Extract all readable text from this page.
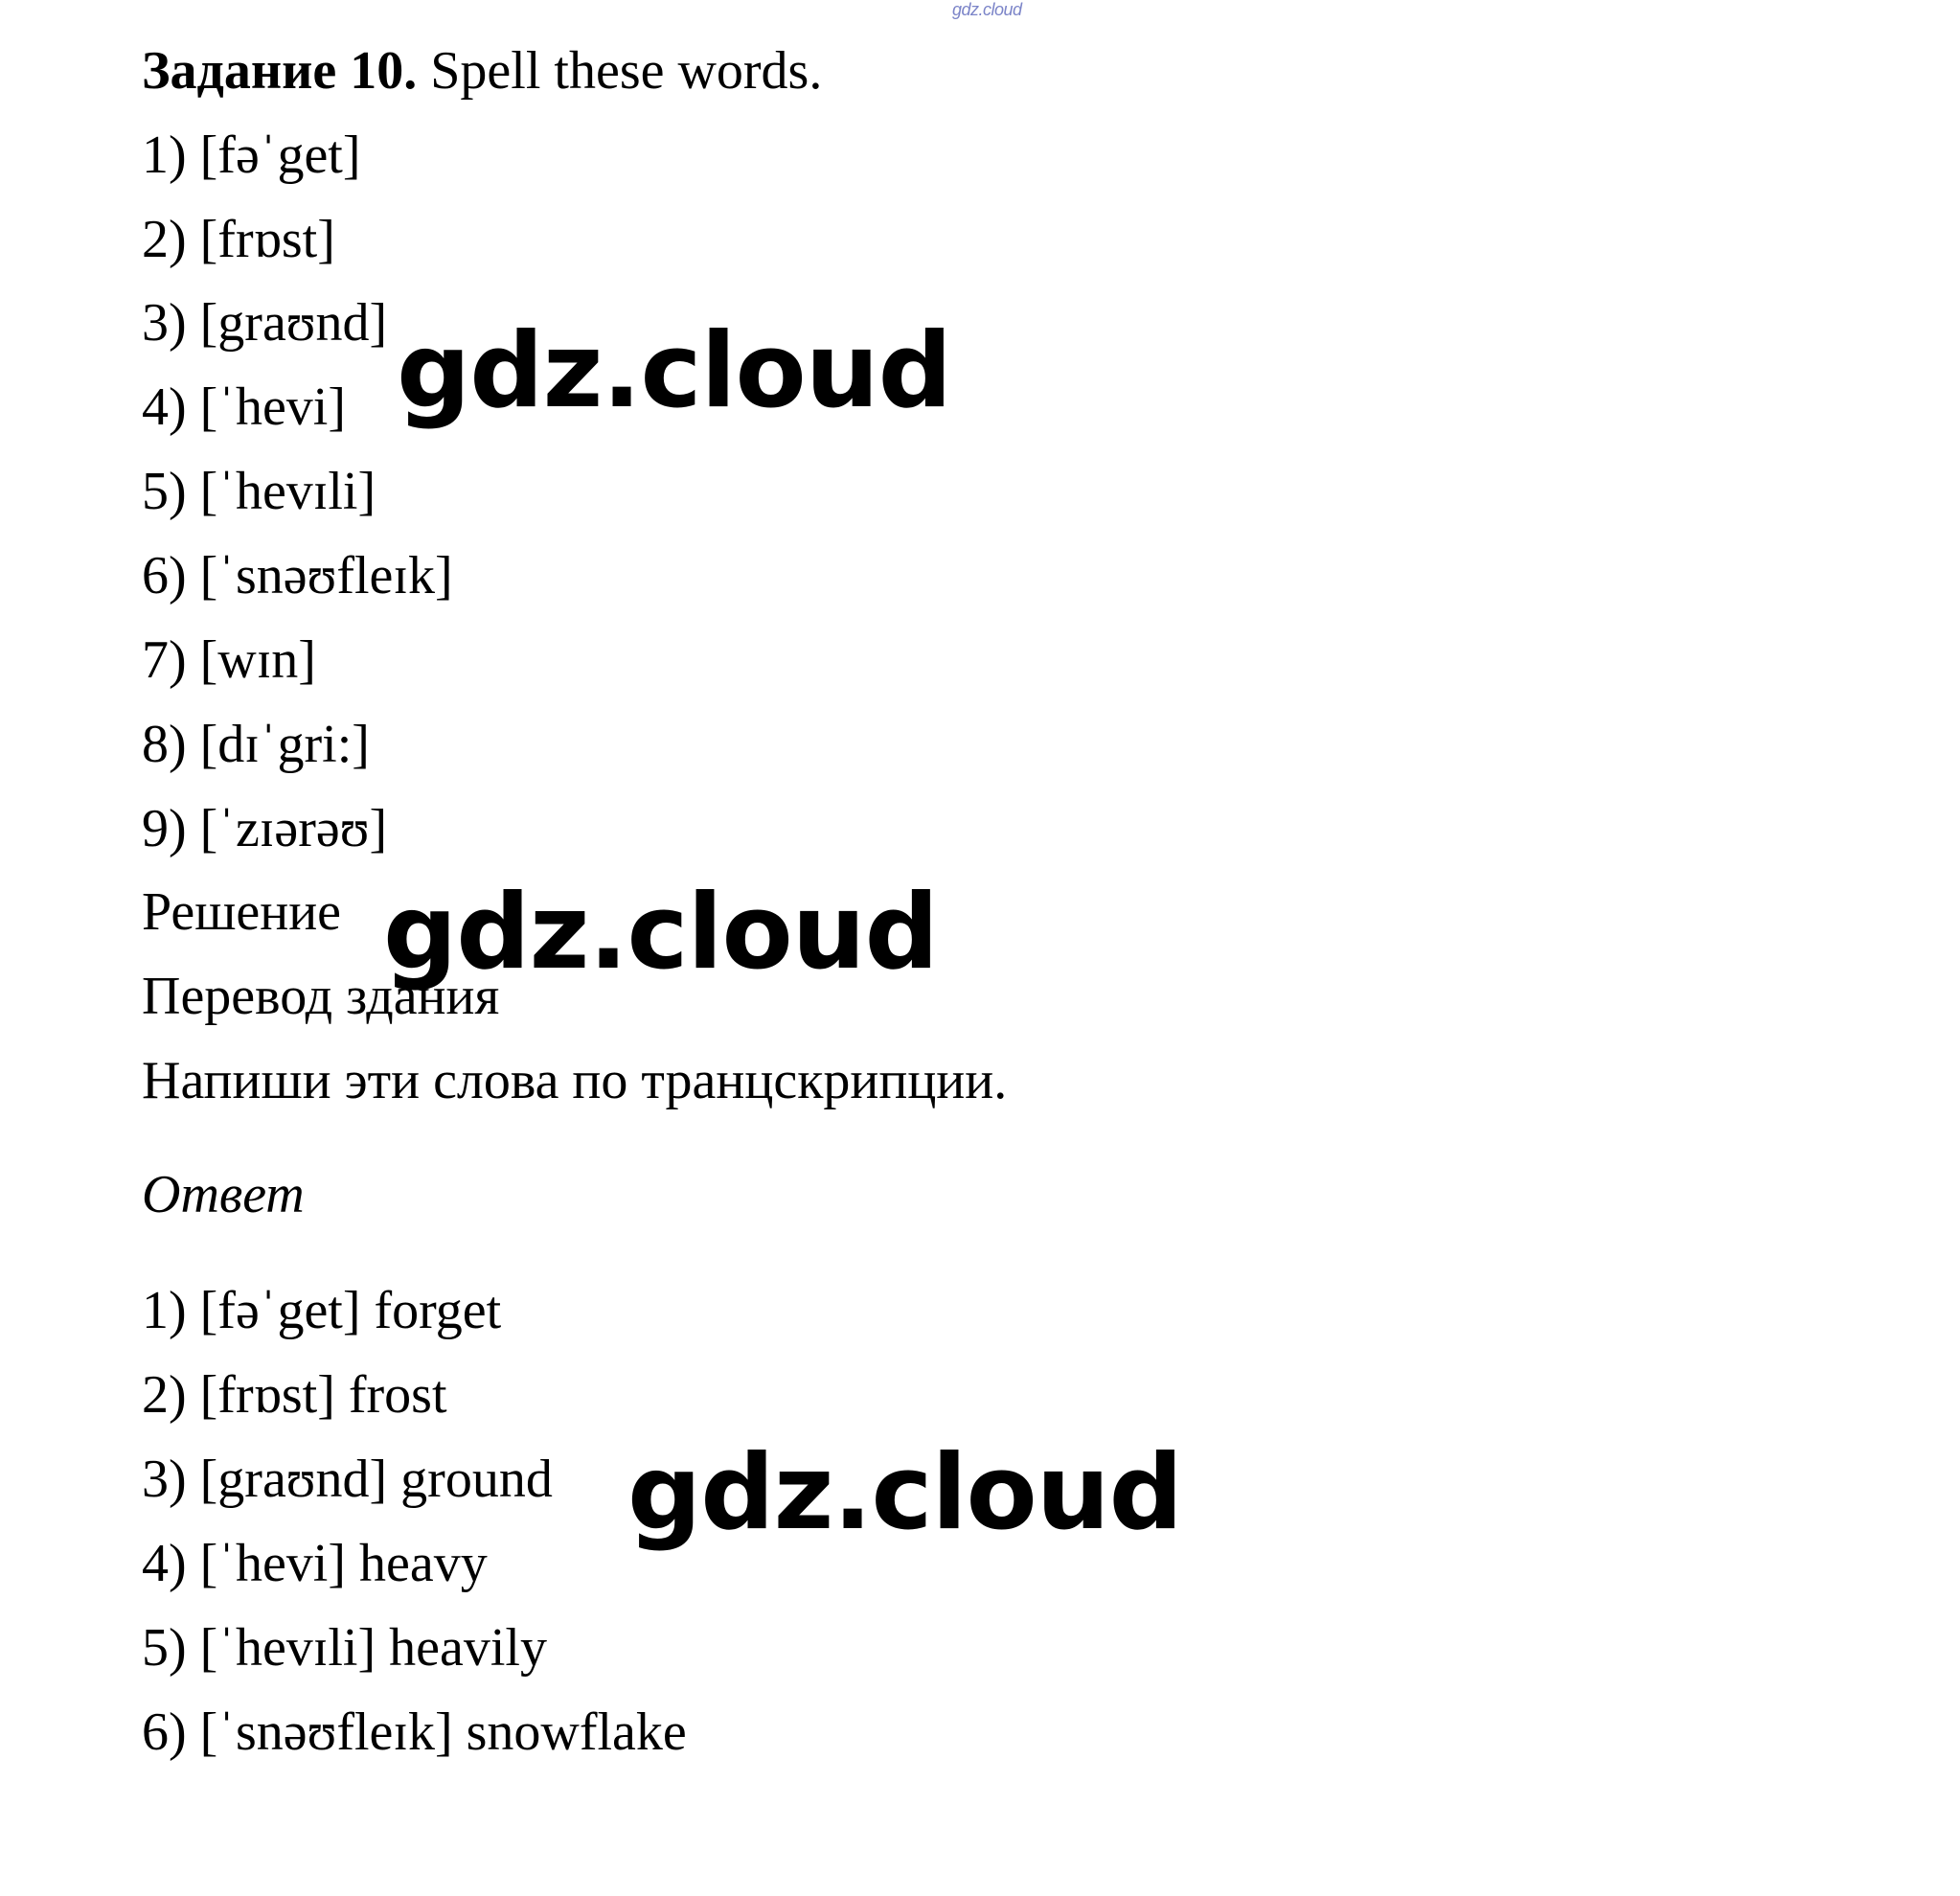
gdz.cloud
Задание 10. Spell these words.
1) [fəˈget]
2) [frɒst]
3) [graʊnd]
4) [ˈhevi]
5) [ˈhevɪli]
6) [ˈsnəʊfleɪk]
7) [wɪn]
8) [dɪˈgri:]
9) [ˈzɪərəʊ]
Решение
Перевод здания
Напиши эти слова по транцскрипции.
Ответ
1) [fəˈget] forget
2) [frɒst] frost
3) [graʊnd] ground
4) [ˈhevi] heavy
5) [ˈhevɪli] heavily
6) [ˈsnəʊfleɪk] snowflake
gdz.cloud
gdz.cloud
gdz.cloud
